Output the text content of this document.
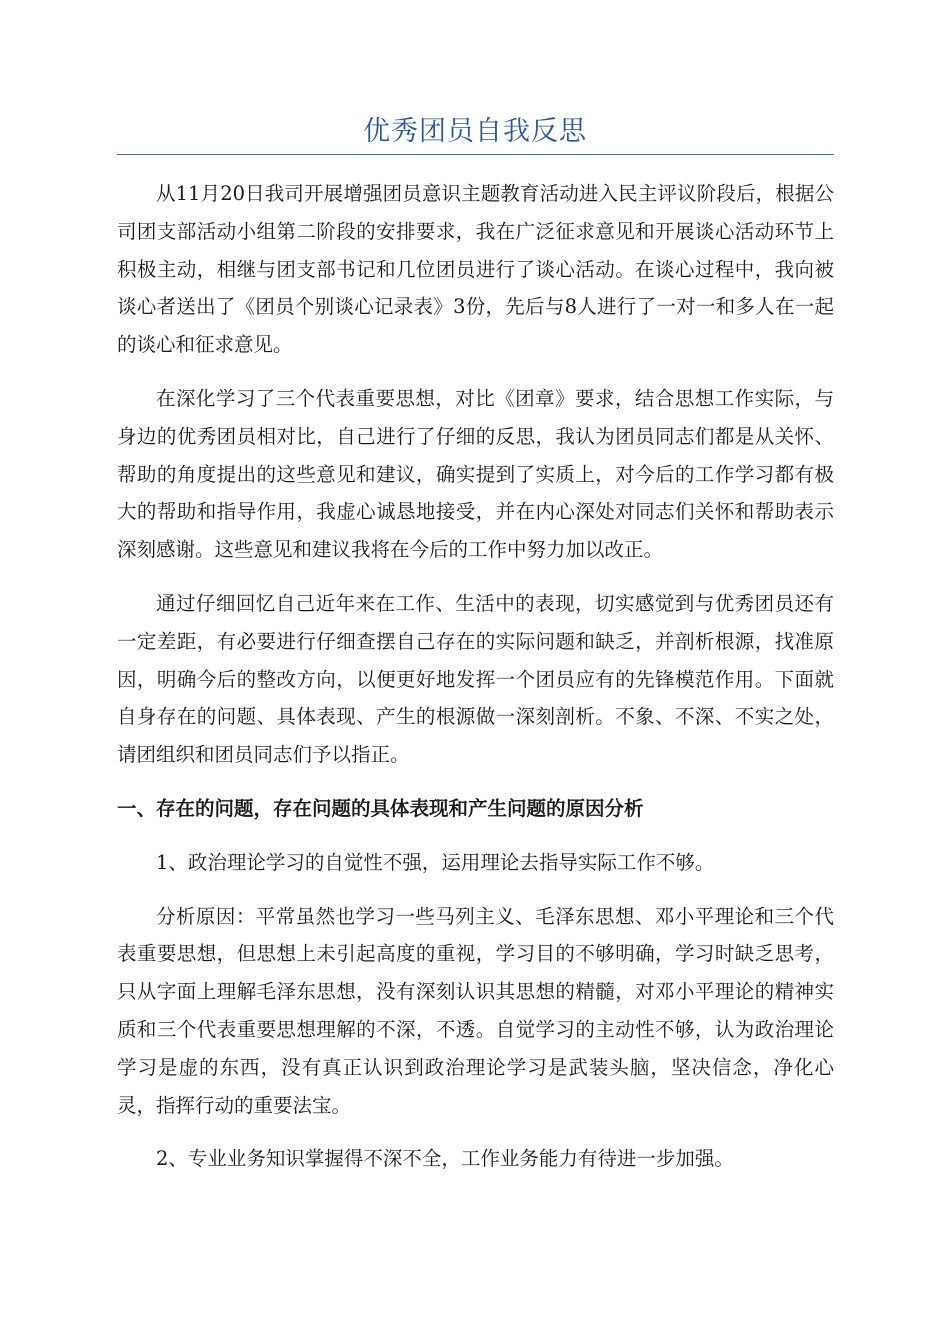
优秀团员自我反思

从11月20日我司开展增强团员意识主题教育活动进入民主评议阶段后，根据公司团支部活动小组第二阶段的安排要求，我在广泛征求意见和开展谈心活动环节上积极主动，相继与团支部书记和几位团员进行了谈心活动。在谈心过程中，我向被谈心者送出了《团员个别谈心记录表》3份，先后与8人进行了一对一和多人在一起的谈心和征求意见。

在深化学习了三个代表重要思想，对比《团章》要求，结合思想工作实际，与身边的优秀团员相对比，自己进行了仔细的反思，我认为团员同志们都是从关怀、帮助的角度提出的这些意见和建议，确实提到了实质上，对今后的工作学习都有极大的帮助和指导作用，我虚心诚恳地接受，并在内心深处对同志们关怀和帮助表示深刻感谢。这些意见和建议我将在今后的工作中努力加以改正。

通过仔细回忆自己近年来在工作、生活中的表现，切实感觉到与优秀团员还有一定差距，有必要进行仔细查摆自己存在的实际问题和缺乏，并剖析根源，找准原因，明确今后的整改方向，以便更好地发挥一个团员应有的先锋模范作用。下面就自身存在的问题、具体表现、产生的根源做一深刻剖析。不象、不深、不实之处，请团组织和团员同志们予以指正。

一、存在的问题，存在问题的具体表现和产生问题的原因分析

1、政治理论学习的自觉性不强，运用理论去指导实际工作不够。

分析原因：平常虽然也学习一些马列主义、毛泽东思想、邓小平理论和三个代表重要思想，但思想上未引起高度的重视，学习目的不够明确，学习时缺乏思考，只从字面上理解毛泽东思想，没有深刻认识其思想的精髓，对邓小平理论的精神实质和三个代表重要思想理解的不深，不透。自觉学习的主动性不够，认为政治理论学习是虚的东西，没有真正认识到政治理论学习是武装头脑，坚决信念，净化心灵，指挥行动的重要法宝。

2、专业业务知识掌握得不深不全，工作业务能力有待进一步加强。
